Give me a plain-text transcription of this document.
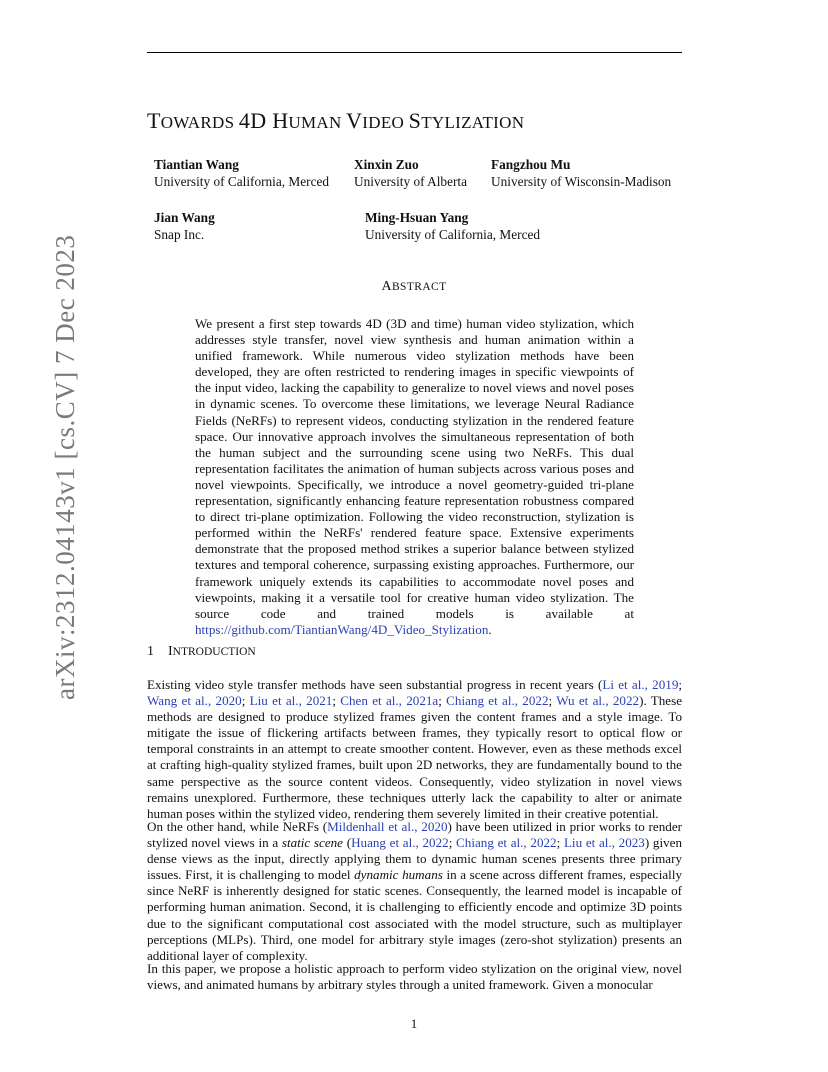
arXiv:2312.04143v1 [cs.CV] 7 Dec 2023
TOWARDS 4D HUMAN VIDEO STYLIZATION
Tiantian Wang
University of California, Merced
Xinxin Zuo
University of Alberta
Fangzhou Mu
University of Wisconsin-Madison
Jian Wang
Snap Inc.
Ming-Hsuan Yang
University of California, Merced
ABSTRACT
We present a first step towards 4D (3D and time) human video stylization, which addresses style transfer, novel view synthesis and human animation within a unified framework. While numerous video stylization methods have been developed, they are often restricted to rendering images in specific viewpoints of the input video, lacking the capability to generalize to novel views and novel poses in dynamic scenes. To overcome these limitations, we leverage Neural Radiance Fields (NeRFs) to represent videos, conducting stylization in the rendered feature space. Our innovative approach involves the simultaneous representation of both the human subject and the surrounding scene using two NeRFs. This dual representation facilitates the animation of human subjects across various poses and novel viewpoints. Specifically, we introduce a novel geometry-guided tri-plane representation, significantly enhancing feature representation robustness compared to direct tri-plane optimization. Following the video reconstruction, stylization is performed within the NeRFs' rendered feature space. Extensive experiments demonstrate that the proposed method strikes a superior balance between stylized textures and temporal coherence, surpassing existing approaches. Furthermore, our framework uniquely extends its capabilities to accommodate novel poses and viewpoints, making it a versatile tool for creative human video stylization. The source code and trained models is available at https://github.com/TiantianWang/4D_Video_Stylization.
1 INTRODUCTION
Existing video style transfer methods have seen substantial progress in recent years (Li et al., 2019; Wang et al., 2020; Liu et al., 2021; Chen et al., 2021a; Chiang et al., 2022; Wu et al., 2022). These methods are designed to produce stylized frames given the content frames and a style image. To mitigate the issue of flickering artifacts between frames, they typically resort to optical flow or temporal constraints in an attempt to create smoother content. However, even as these methods excel at crafting high-quality stylized frames, built upon 2D networks, they are fundamentally bound to the same perspective as the source content videos. Consequently, video stylization in novel views remains unexplored. Furthermore, these techniques utterly lack the capability to alter or animate human poses within the stylized video, rendering them severely limited in their creative potential.
On the other hand, while NeRFs (Mildenhall et al., 2020) have been utilized in prior works to render stylized novel views in a static scene (Huang et al., 2022; Chiang et al., 2022; Liu et al., 2023) given dense views as the input, directly applying them to dynamic human scenes presents three primary issues. First, it is challenging to model dynamic humans in a scene across different frames, especially since NeRF is inherently designed for static scenes. Consequently, the learned model is incapable of performing human animation. Second, it is challenging to efficiently encode and optimize 3D points due to the significant computational cost associated with the model structure, such as multiplayer perceptions (MLPs). Third, one model for arbitrary style images (zero-shot stylization) presents an additional layer of complexity.
In this paper, we propose a holistic approach to perform video stylization on the original view, novel views, and animated humans by arbitrary styles through a united framework. Given a monocular
1
